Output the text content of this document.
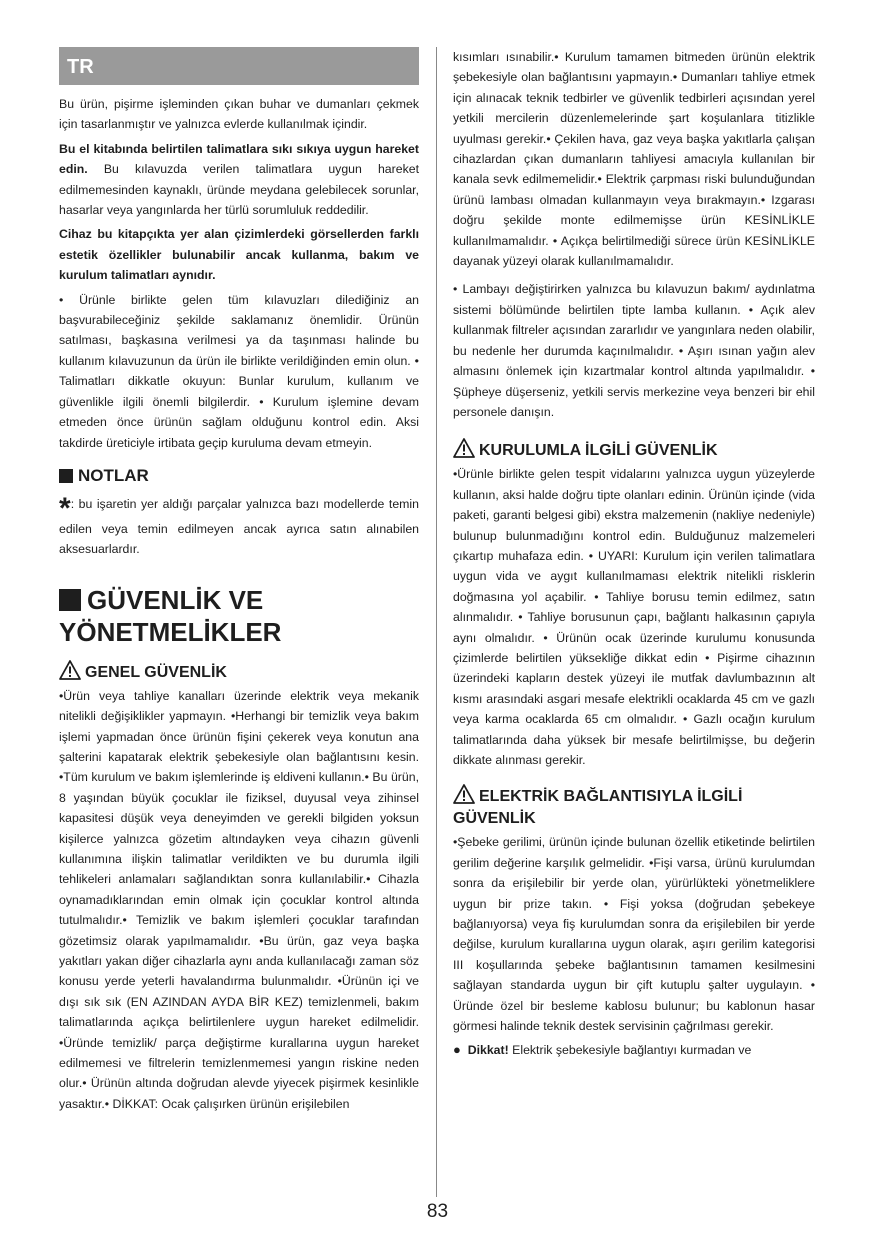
TR

Bu ürün, pişirme işleminden çıkan buhar ve dumanları çekmek için tasarlanmıştır ve yalnızca evlerde kullanılmak içindir.

Bu el kitabında belirtilen talimatlara sıkı sıkıya uygun hareket edin. Bu kılavuzda verilen talimatlara uygun hareket edilmemesinden kaynaklı, üründe meydana gelebilecek sorunlar, hasarlar veya yangınlarda her türlü sorumluluk reddedilir.

Cihaz bu kitapçıkta yer alan çizimlerdeki görsellerden farklı estetik özellikler bulunabilir ancak kullanma, bakım ve kurulum talimatları aynıdır.

• Ürünle birlikte gelen tüm kılavuzları dilediğiniz an başvurabileceğiniz şekilde saklamanız önemlidir. Ürünün satılması, başkasına verilmesi ya da taşınması halinde bu kullanım kılavuzunun da ürün ile birlikte verildiğinden emin olun. • Talimatları dikkatle okuyun: Bunlar kurulum, kullanım ve güvenlikle ilgili önemli bilgilerdir. • Kurulum işlemine devam etmeden önce ürünün sağlam olduğunu kontrol edin. Aksi takdirde üreticiyle irtibata geçip kuruluma devam etmeyin.

NOTLAR

*: bu işaretin yer aldığı parçalar yalnızca bazı modellerde temin edilen veya temin edilmeyen ancak ayrıca satın alınabilen aksesuarlardır.

GÜVENLİK VE YÖNETMELİKLER
GENEL GÜVENLİK

•Ürün veya tahliye kanalları üzerinde elektrik veya mekanik nitelikli değişiklikler yapmayın. •Herhangi bir temizlik veya bakım işlemi yapmadan önce ürünün fişini çekerek veya konutun ana şalterini kapatarak elektrik şebekesiyle olan bağlantısını kesin. •Tüm kurulum ve bakım işlemlerinde iş eldiveni kullanın.• Bu ürün, 8 yaşından büyük çocuklar ile fiziksel, duyusal veya zihinsel kapasitesi düşük veya deneyimden ve gerekli bilgiden yoksun kişilerce yalnızca gözetim altındayken veya cihazın güvenli kullanımına ilişkin talimatlar verildikten ve bu durumla ilgili tehlikeleri anlamaları sağlandıktan sonra kullanılabilir.• Cihazla oynamadıklarından emin olmak için çocuklar kontrol altında tutulmalıdır.• Temizlik ve bakım işlemleri çocuklar tarafından gözetimsiz olarak yapılmamalıdır. •Bu ürün, gaz veya başka yakıtları yakan diğer cihazlarla aynı anda kullanılacağı zaman söz konusu yerde yeterli havalandırma bulunmalıdır. •Ürünün içi ve dışı sık sık (EN AZINDAN AYDA BİR KEZ) temizlenmeli, bakım talimatlarında açıkça belirtilenlere uygun hareket edilmelidir. •Üründe temizlik/ parça değiştirme kurallarına uygun hareket edilmemesi ve filtrelerin temizlenmemesi yangın riskine neden olur.• Ürünün altında doğrudan alevde yiyecek pişirmek kesinlikle yasaktır.• DİKKAT: Ocak çalışırken ürünün erişilebilen

kısımları ısınabilir.• Kurulum tamamen bitmeden ürünün elektrik şebekesiyle olan bağlantısını yapmayın.• Dumanları tahliye etmek için alınacak teknik tedbirler ve güvenlik tedbirleri açısından yerel yetkili mercilerin düzenlemelerinde şart koşulanlara titizlikle uyulması gerekir.• Çekilen hava, gaz veya başka yakıtlarla çalışan cihazlardan çıkan dumanların tahliyesi amacıyla kullanılan bir kanala sevk edilmemelidir.• Elektrik çarpması riski bulunduğundan ürünü lambası olmadan kullanmayın veya bırakmayın.• Izgarası doğru şekilde monte edilmemişse ürün KESİNLİKLE kullanılmamalıdır. • Açıkça belirtilmediği sürece ürün KESİNLİKLE dayanak yüzeyi olarak kullanılmamalıdır.

• Lambayı değiştirirken yalnızca bu kılavuzun bakım/ aydınlatma sistemi bölümünde belirtilen tipte lamba kullanın. • Açık alev kullanmak filtreler açısından zararlıdır ve yangınlara neden olabilir, bu nedenle her durumda kaçınılmalıdır. • Aşırı ısınan yağın alev almasını önlemek için kızartmalar kontrol altında yapılmalıdır. • Şüpheye düşerseniz, yetkili servis merkezine veya benzeri bir ehil personele danışın.

KURULUMLA İLGİLİ GÜVENLİK

•Ürünle birlikte gelen tespit vidalarını yalnızca uygun yüzeylerde kullanın, aksi halde doğru tipte olanları edinin. Ürünün içinde (vida paketi, garanti belgesi gibi) ekstra malzemenin (nakliye nedeniyle) bulunup bulunmadığını kontrol edin. Bulduğunuz malzemeleri çıkartıp muhafaza edin. • UYARI: Kurulum için verilen talimatlara uygun vida ve aygıt kullanılmaması elektrik nitelikli risklerin doğmasına yol açabilir. • Tahliye borusu temin edilmez, satın alınmalıdır. • Tahliye borusunun çapı, bağlantı halkasının çapıyla aynı olmalıdır. • Ürünün ocak üzerinde kurulumu konusunda çizimlerde belirtilen yüksekliğe dikkat edin • Pişirme cihazının üzerindeki kapların destek yüzeyi ile mutfak davlumbazının alt kısmı arasındaki asgari mesafe elektrikli ocaklarda 45 cm ve gazlı veya karma ocaklarda 65 cm olmalıdır. • Gazlı ocağın kurulum talimatlarında daha yüksek bir mesafe belirtilmişse, bu değerin dikkate alınması gerekir.

ELEKTRİK BAĞLANTISIYLA İLGİLİ GÜVENLİK

•Şebeke gerilimi, ürünün içinde bulunan özellik etiketinde belirtilen gerilim değerine karşılık gelmelidir. •Fişi varsa, ürünü kurulumdan sonra da erişilebilir bir yerde olan, yürürlükteki yönetmeliklere uygun bir prize takın. • Fişi yoksa (doğrudan şebekeye bağlanıyorsa) veya fiş kurulumdan sonra da erişilebilen bir yerde değilse, kurulum kurallarına uygun olarak, aşırı gerilim kategorisi III koşullarında şebeke bağlantısının tamamen kesilmesini sağlayan standarda uygun bir çift kutuplu şalter uygulayın. • Üründe özel bir besleme kablosu bulunur; bu kablonun hasar görmesi halinde teknik destek servisinin çağrılması gerekir.

● Dikkat! Elektrik şebekesiyle bağlantıyı kurmadan ve

83
